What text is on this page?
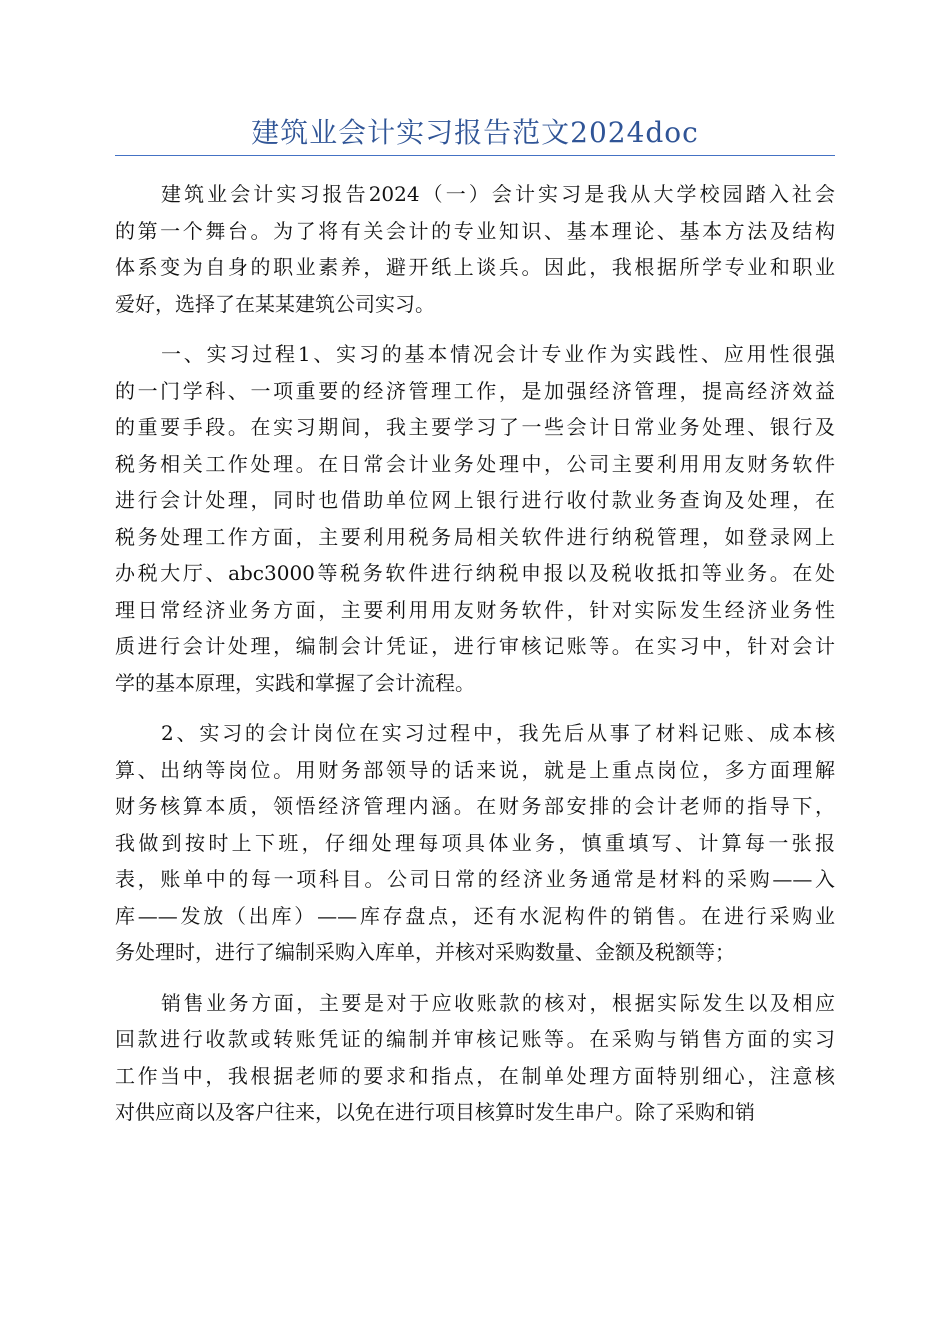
建筑业会计实习报告范文2024doc
建筑业会计实习报告2024（一）会计实习是我从大学校园踏入社会
的第一个舞台。为了将有关会计的专业知识、基本理论、基本方法及结构
体系变为自身的职业素养，避开纸上谈兵。因此，我根据所学专业和职业
爱好，选择了在某某建筑公司实习。
一、实习过程1、实习的基本情况会计专业作为实践性、应用性很强
的一门学科、一项重要的经济管理工作，是加强经济管理，提高经济效益
的重要手段。在实习期间，我主要学习了一些会计日常业务处理、银行及
税务相关工作处理。在日常会计业务处理中，公司主要利用用友财务软件
进行会计处理，同时也借助单位网上银行进行收付款业务查询及处理，在
税务处理工作方面，主要利用税务局相关软件进行纳税管理，如登录网上
办税大厅、abc3000等税务软件进行纳税申报以及税收抵扣等业务。在处
理日常经济业务方面，主要利用用友财务软件，针对实际发生经济业务性
质进行会计处理，编制会计凭证，进行审核记账等。在实习中，针对会计
学的基本原理，实践和掌握了会计流程。
2、实习的会计岗位在实习过程中，我先后从事了材料记账、成本核
算、出纳等岗位。用财务部领导的话来说，就是上重点岗位，多方面理解
财务核算本质，领悟经济管理内涵。在财务部安排的会计老师的指导下，
我做到按时上下班，仔细处理每项具体业务，慎重填写、计算每一张报
表，账单中的每一项科目。公司日常的经济业务通常是材料的采购——入
库——发放（出库）——库存盘点，还有水泥构件的销售。在进行采购业
务处理时，进行了编制采购入库单，并核对采购数量、金额及税额等；
销售业务方面，主要是对于应收账款的核对，根据实际发生以及相应
回款进行收款或转账凭证的编制并审核记账等。在采购与销售方面的实习
工作当中，我根据老师的要求和指点，在制单处理方面特别细心，注意核
对供应商以及客户往来，以免在进行项目核算时发生串户。除了采购和销
